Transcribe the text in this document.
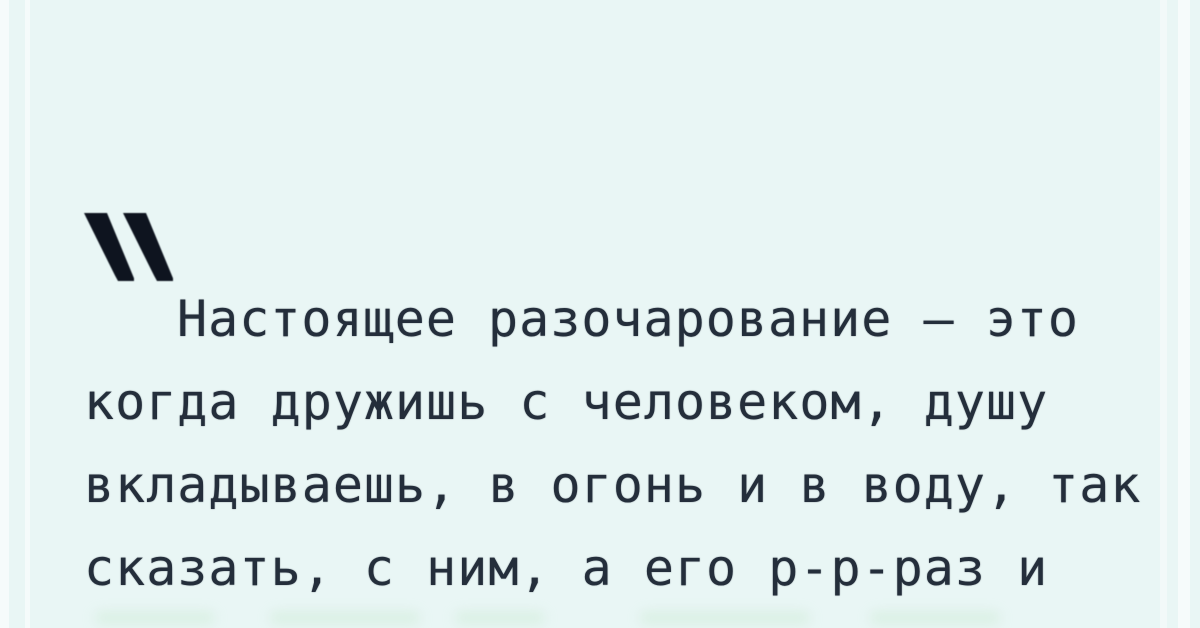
Настоящее разочарование — это
когда дружишь с человеком, душу
вкладываешь, в огонь и в воду, так
сказать, с ним, а его р-р-раз и
